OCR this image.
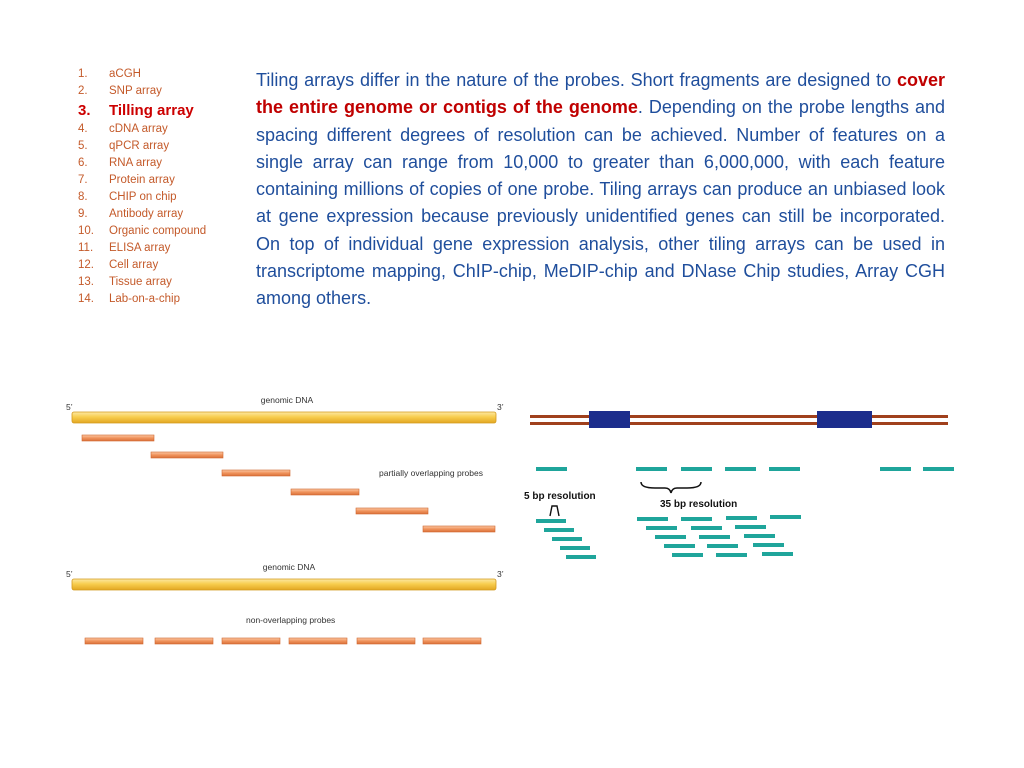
1.	aCGH
2.	SNP array
3.	Tilling array
4.	cDNA array
5.	qPCR array
6.	RNA array
7.	Protein array
8.	CHIP on chip
9.	Antibody array
10.	Organic compound
11.	ELISA array
12.	Cell array
13.	Tissue array
14.	Lab-on-a-chip

Tiling arrays differ in the nature of the probes. Short fragments are designed to cover the entire genome or contigs of the genome. Depending on the probe lengths and spacing different degrees of resolution can be achieved. Number of features on a single array can range from 10,000 to greater than 6,000,000, with each feature containing millions of copies of one probe. Tiling arrays can produce an unbiased look at gene expression because previously unidentified genes can still be incorporated. On top of individual gene expression analysis, other tiling arrays can be used in transcriptome mapping, ChIP-chip, MeDIP-chip and DNase Chip studies, Array CGH among others.

genomic DNA
5’	3’
partially overlapping probes
genomic DNA
5’	3’
non-overlapping probes
5 bp resolution
35 bp resolution
